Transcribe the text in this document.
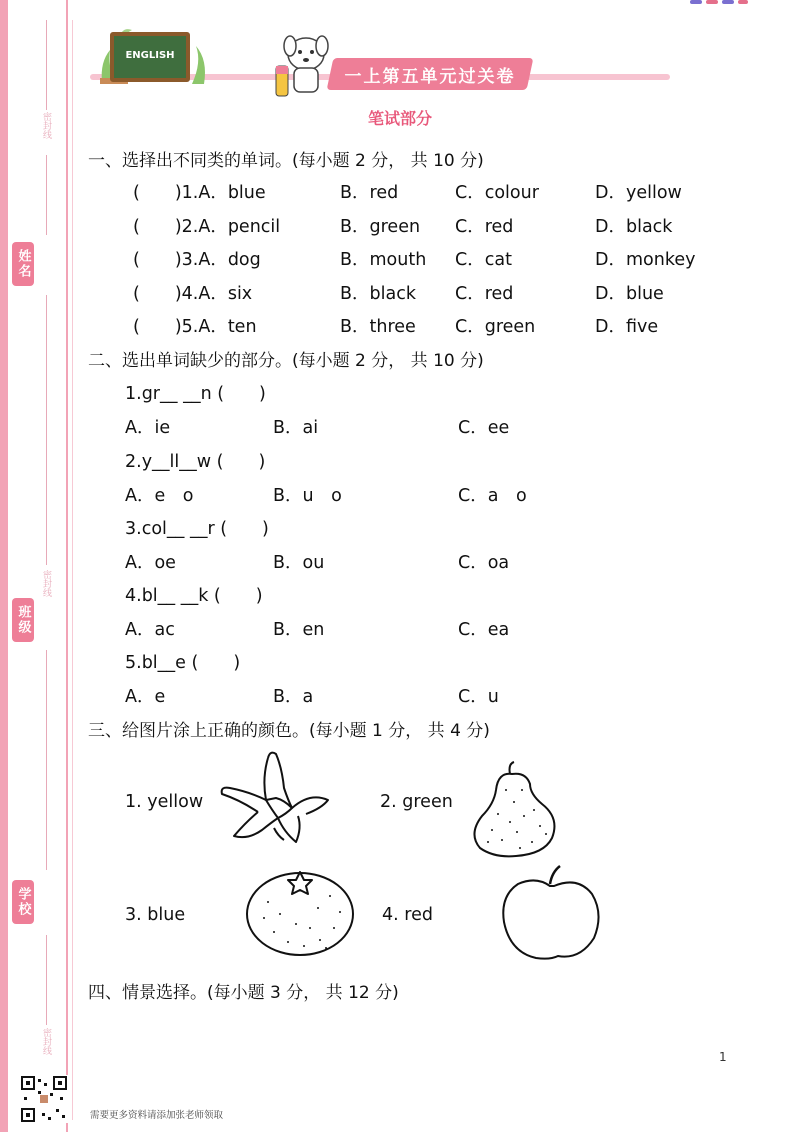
密封线
姓名
密封线
班级
学校
密封线
ENGLISH
一上第五单元过关卷
笔试部分
一、选择出不同类的单词。(每小题 2 分， 共 10 分)
(　　)1.A．blue	B．red	C．colour	D．yellow
(　　)2.A．pencil	B．green C．red	D．black
(　　)3.A．dog	B．mouth C．cat	D．monkey
(　　)4.A．six	B．black C．red	D．blue
(　　)5.A．ten	B．three C．green	D．five
二、选出单词缺少的部分。(每小题 2 分， 共 10 分)
1.gr__ __n (　　)
A．ie	B．ai	C．ee
2.y__ll__w (　　)
A．e　o	B．u　o	C．a　o
3.col__ __r (　　)
A．oe	B．ou	C．oa
4.bl__ __k (　　)
A．ac	B．en	C．ea
5.bl__e (　　)
A．e	B．a	C．u
三、给图片涂上正确的颜色。(每小题 1 分， 共 4 分)
1. yellow	2. green
3. blue	4. red
四、情景选择。(每小题 3 分， 共 12 分)
1
需要更多资料请添加张老师领取
